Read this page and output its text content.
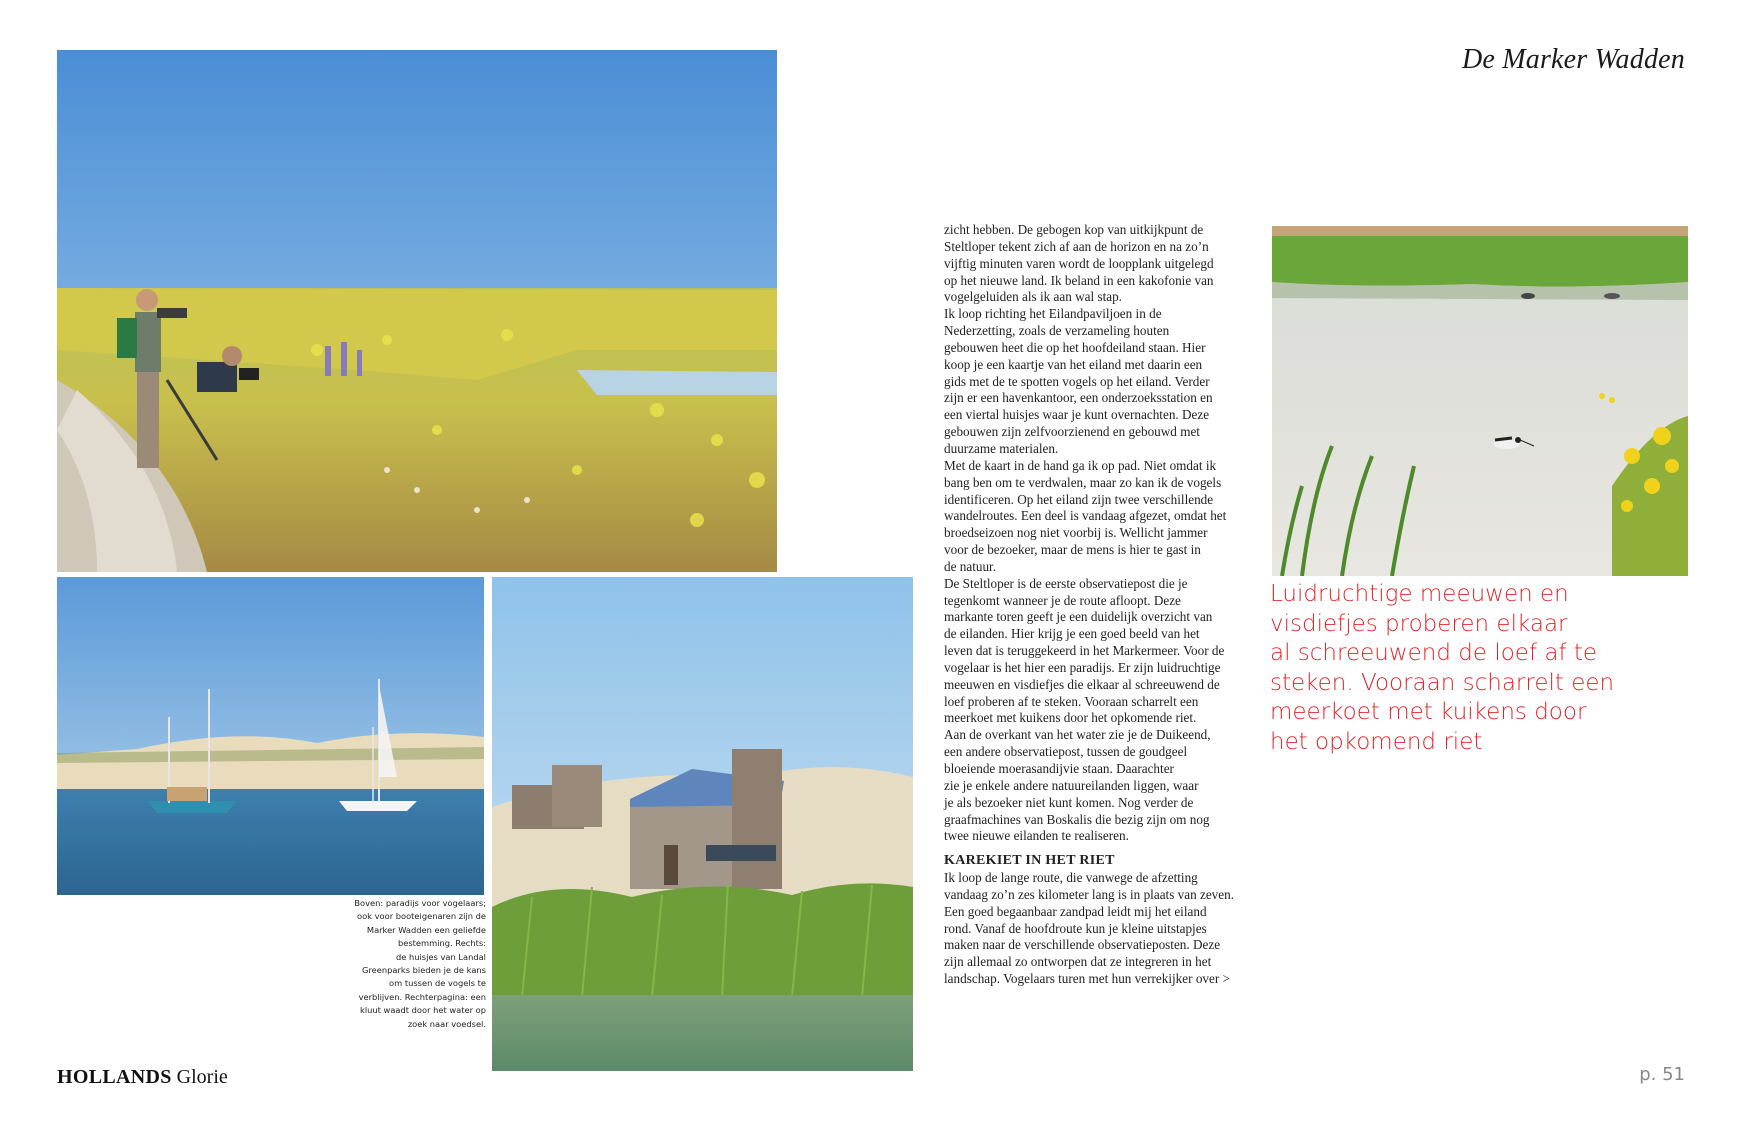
De Marker Wadden

zicht hebben. De gebogen kop van uitkijkpunt de

Steltloper tekent zich af aan de horizon en na zo’n

vijftig minuten varen wordt de loopplank uitgelegd

op het nieuwe land. Ik beland in een kakofonie van

vogelgeluiden als ik aan wal stap.

Ik loop richting het Eilandpaviljoen in de

Nederzetting, zoals de verzameling houten

gebouwen heet die op het hoofdeiland staan. Hier

koop je een kaartje van het eiland met daarin een

gids met de te spotten vogels op het eiland. Verder

zijn er een havenkantoor, een onderzoeksstation en

een viertal huisjes waar je kunt overnachten. Deze

gebouwen zijn zelfvoorzienend en gebouwd met

duurzame materialen.

Met de kaart in de hand ga ik op pad. Niet omdat ik

bang ben om te verdwalen, maar zo kan ik de vogels

identificeren. Op het eiland zijn twee verschillende

wandelroutes. Een deel is vandaag afgezet, omdat het

broedseizoen nog niet voorbij is. Wellicht jammer

voor de bezoeker, maar de mens is hier te gast in

de natuur.

De Steltloper is de eerste observatiepost die je

tegenkomt wanneer je de route afloopt. Deze

markante toren geeft je een duidelijk overzicht van

de eilanden. Hier krijg je een goed beeld van het

leven dat is teruggekeerd in het Markermeer. Voor de

vogelaar is het hier een paradijs. Er zijn luidruchtige

meeuwen en visdiefjes die elkaar al schreeuwend de

loef proberen af te steken. Vooraan scharrelt een

meerkoet met kuikens door het opkomende riet.

Aan de overkant van het water zie je de Duikeend,

een andere observatiepost, tussen de goudgeel

bloeiende moerasandijvie staan. Daarachter

zie je enkele andere natuureilanden liggen, waar

je als bezoeker niet kunt komen. Nog verder de

graafmachines van Boskalis die bezig zijn om nog

twee nieuwe eilanden te realiseren.

KAREKIET IN HET RIET

Ik loop de lange route, die vanwege de afzetting

vandaag zo’n zes kilometer lang is in plaats van zeven.

Een goed begaanbaar zandpad leidt mij het eiland

rond. Vanaf de hoofdroute kun je kleine uitstapjes

maken naar de verschillende observatieposten. Deze

zijn allemaal zo ontworpen dat ze integreren in het

landschap. Vogelaars turen met hun verrekijker over >

Luidruchtige meeuwen en
visdiefjes proberen elkaar
al schreeuwend de loef af te
steken. Vooraan scharrelt een
meerkoet met kuikens door
het opkomend riet
Boven: paradijs voor vogelaars;
ook voor booteigenaren zijn de
Marker Wadden een geliefde
bestemming. Rechts:
de huisjes van Landal
Greenparks bieden je de kans
om tussen de vogels te
verblijven. Rechterpagina: een
kluut waadt door het water op
zoek naar voedsel.
HOLLANDS Glorie	p. 51
